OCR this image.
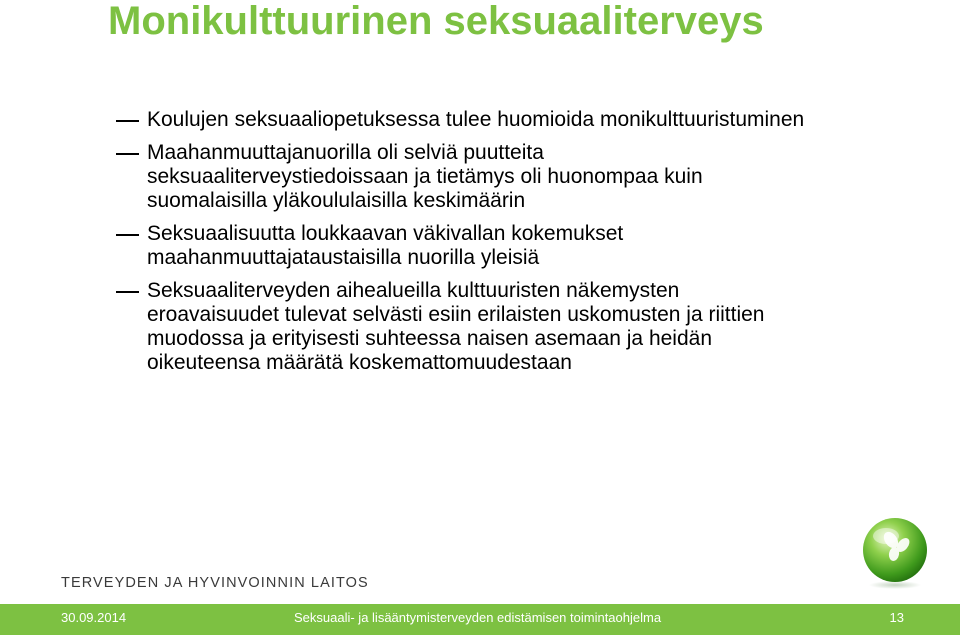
Monikulttuurinen seksuaaliterveys
Koulujen seksuaaliopetuksessa tulee huomioida monikulttuuristuminen
Maahanmuuttajanuorilla oli selviä puutteita
seksuaaliterveystiedoissaan ja tietämys oli huonompaa kuin
suomalaisilla yläkoululaisilla keskimäärin
Seksuaalisuutta loukkaavan väkivallan kokemukset
maahanmuuttajataustaisilla nuorilla yleisiä
Seksuaaliterveyden aihealueilla kulttuuristen näkemysten
eroavaisuudet tulevat selvästi esiin erilaisten uskomusten ja riittien
muodossa ja erityisesti suhteessa naisen asemaan ja heidän
oikeuteensa määrätä koskemattomuudestaan
TERVEYDEN JA HYVINVOINNIN LAITOS
30.09.2014	Seksuaali- ja lisääntymisterveyden edistämisen toimintaohjelma	13
